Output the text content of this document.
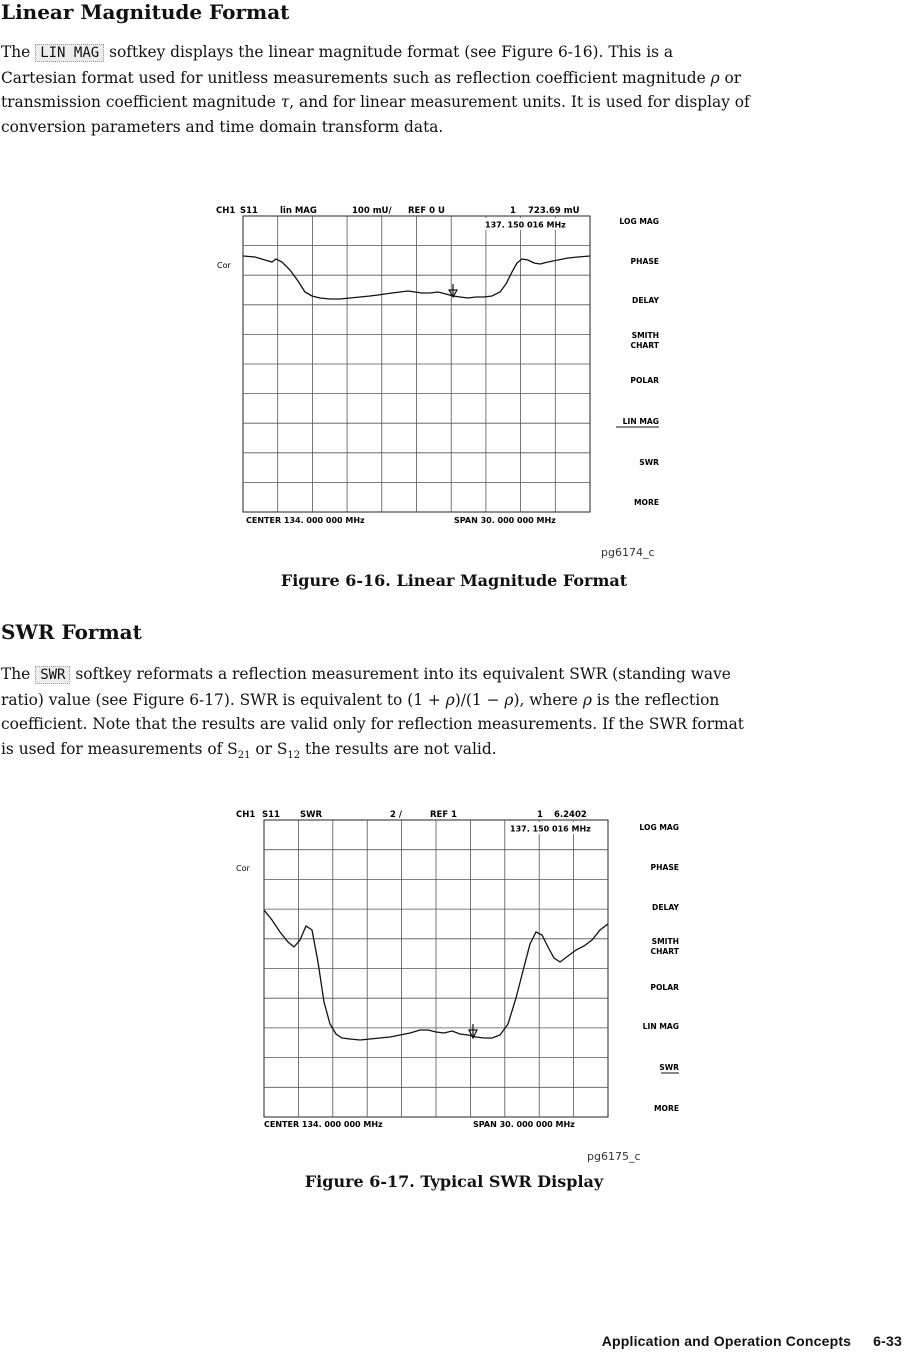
Linear Magnitude Format
The LIN MAG softkey displays the linear magnitude format (see Figure 6-16). This is a
Cartesian format used for unitless measurements such as reflection coefficient magnitude ρ or
transmission coefficient magnitude τ, and for linear measurement units. It is used for display of
conversion parameters and time domain transform data.
CH1 S11	lin MAG	100 mU/ REF 0 U	1 723.69 mU
137. 150 016 MHz
Cor
CENTER 134. 000 000 MHz	SPAN 30. 000 000 MHz
LOG MAG
PHASE
DELAY
SMITH
CHART
POLAR
LIN MAG
SWR
MORE
pg6174_c
Figure 6-16. Linear Magnitude Format
SWR Format
The SWR softkey reformats a reflection measurement into its equivalent SWR (standing wave
ratio) value (see Figure 6-17). SWR is equivalent to (1 + ρ)/(1 − ρ), where ρ is the reflection
coefficient. Note that the results are valid only for reflection measurements. If the SWR format
is used for measurements of $S_{21}$ or $S_{12}$ the results are not valid.
CH1 S11 SWR	2 /	REF 1	1 6.2402
137. 150 016 MHz
Cor
CENTER 134. 000 000 MHz	SPAN 30. 000 000 MHz
LOG MAG
PHASE
DELAY
SMITH
CHART
POLAR
LIN MAG
SWR
MORE
pg6175_c
Figure 6-17. Typical SWR Display
Application and Operation Concepts 6-33
